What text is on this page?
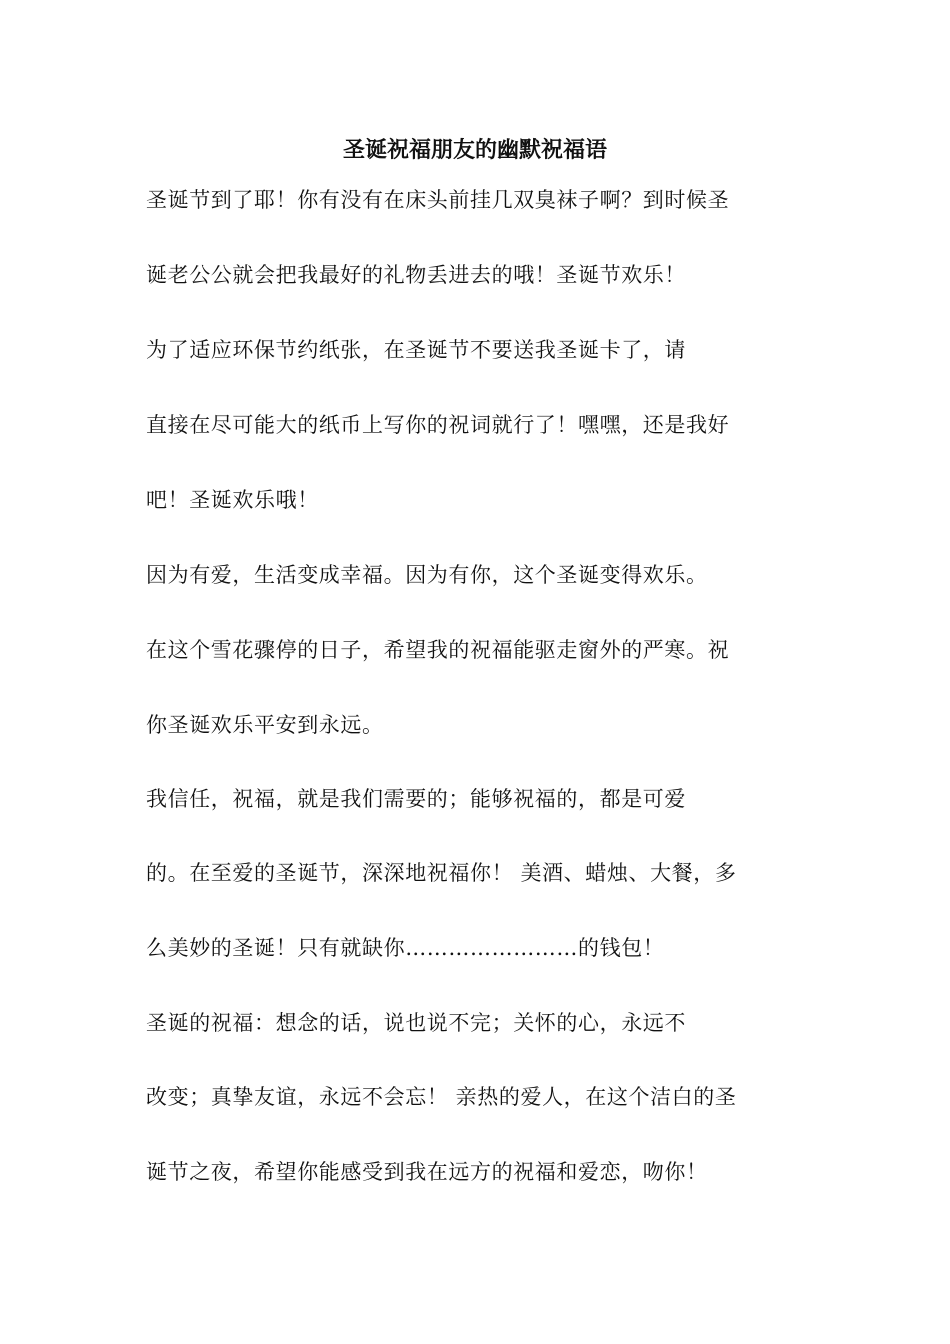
圣诞祝福朋友的幽默祝福语
圣诞节到了耶！你有没有在床头前挂几双臭袜子啊？到时候圣
诞老公公就会把我最好的礼物丢进去的哦！圣诞节欢乐！
为了适应环保节约纸张，在圣诞节不要送我圣诞卡了，请
直接在尽可能大的纸币上写你的祝词就行了！嘿嘿，还是我好
吧！圣诞欢乐哦！
因为有爱，生活变成幸福。因为有你，这个圣诞变得欢乐。
在这个雪花骤停的日子，希望我的祝福能驱走窗外的严寒。祝
你圣诞欢乐平安到永远。
我信任，祝福，就是我们需要的；能够祝福的，都是可爱
的。在至爱的圣诞节，深深地祝福你！ 美酒、蜡烛、大餐，多
么美妙的圣诞！只有就缺你……………………的钱包！
圣诞的祝福：想念的话，说也说不完；关怀的心，永远不
改变；真挚友谊，永远不会忘！ 亲热的爱人，在这个洁白的圣
诞节之夜，希望你能感受到我在远方的祝福和爱恋，吻你！
